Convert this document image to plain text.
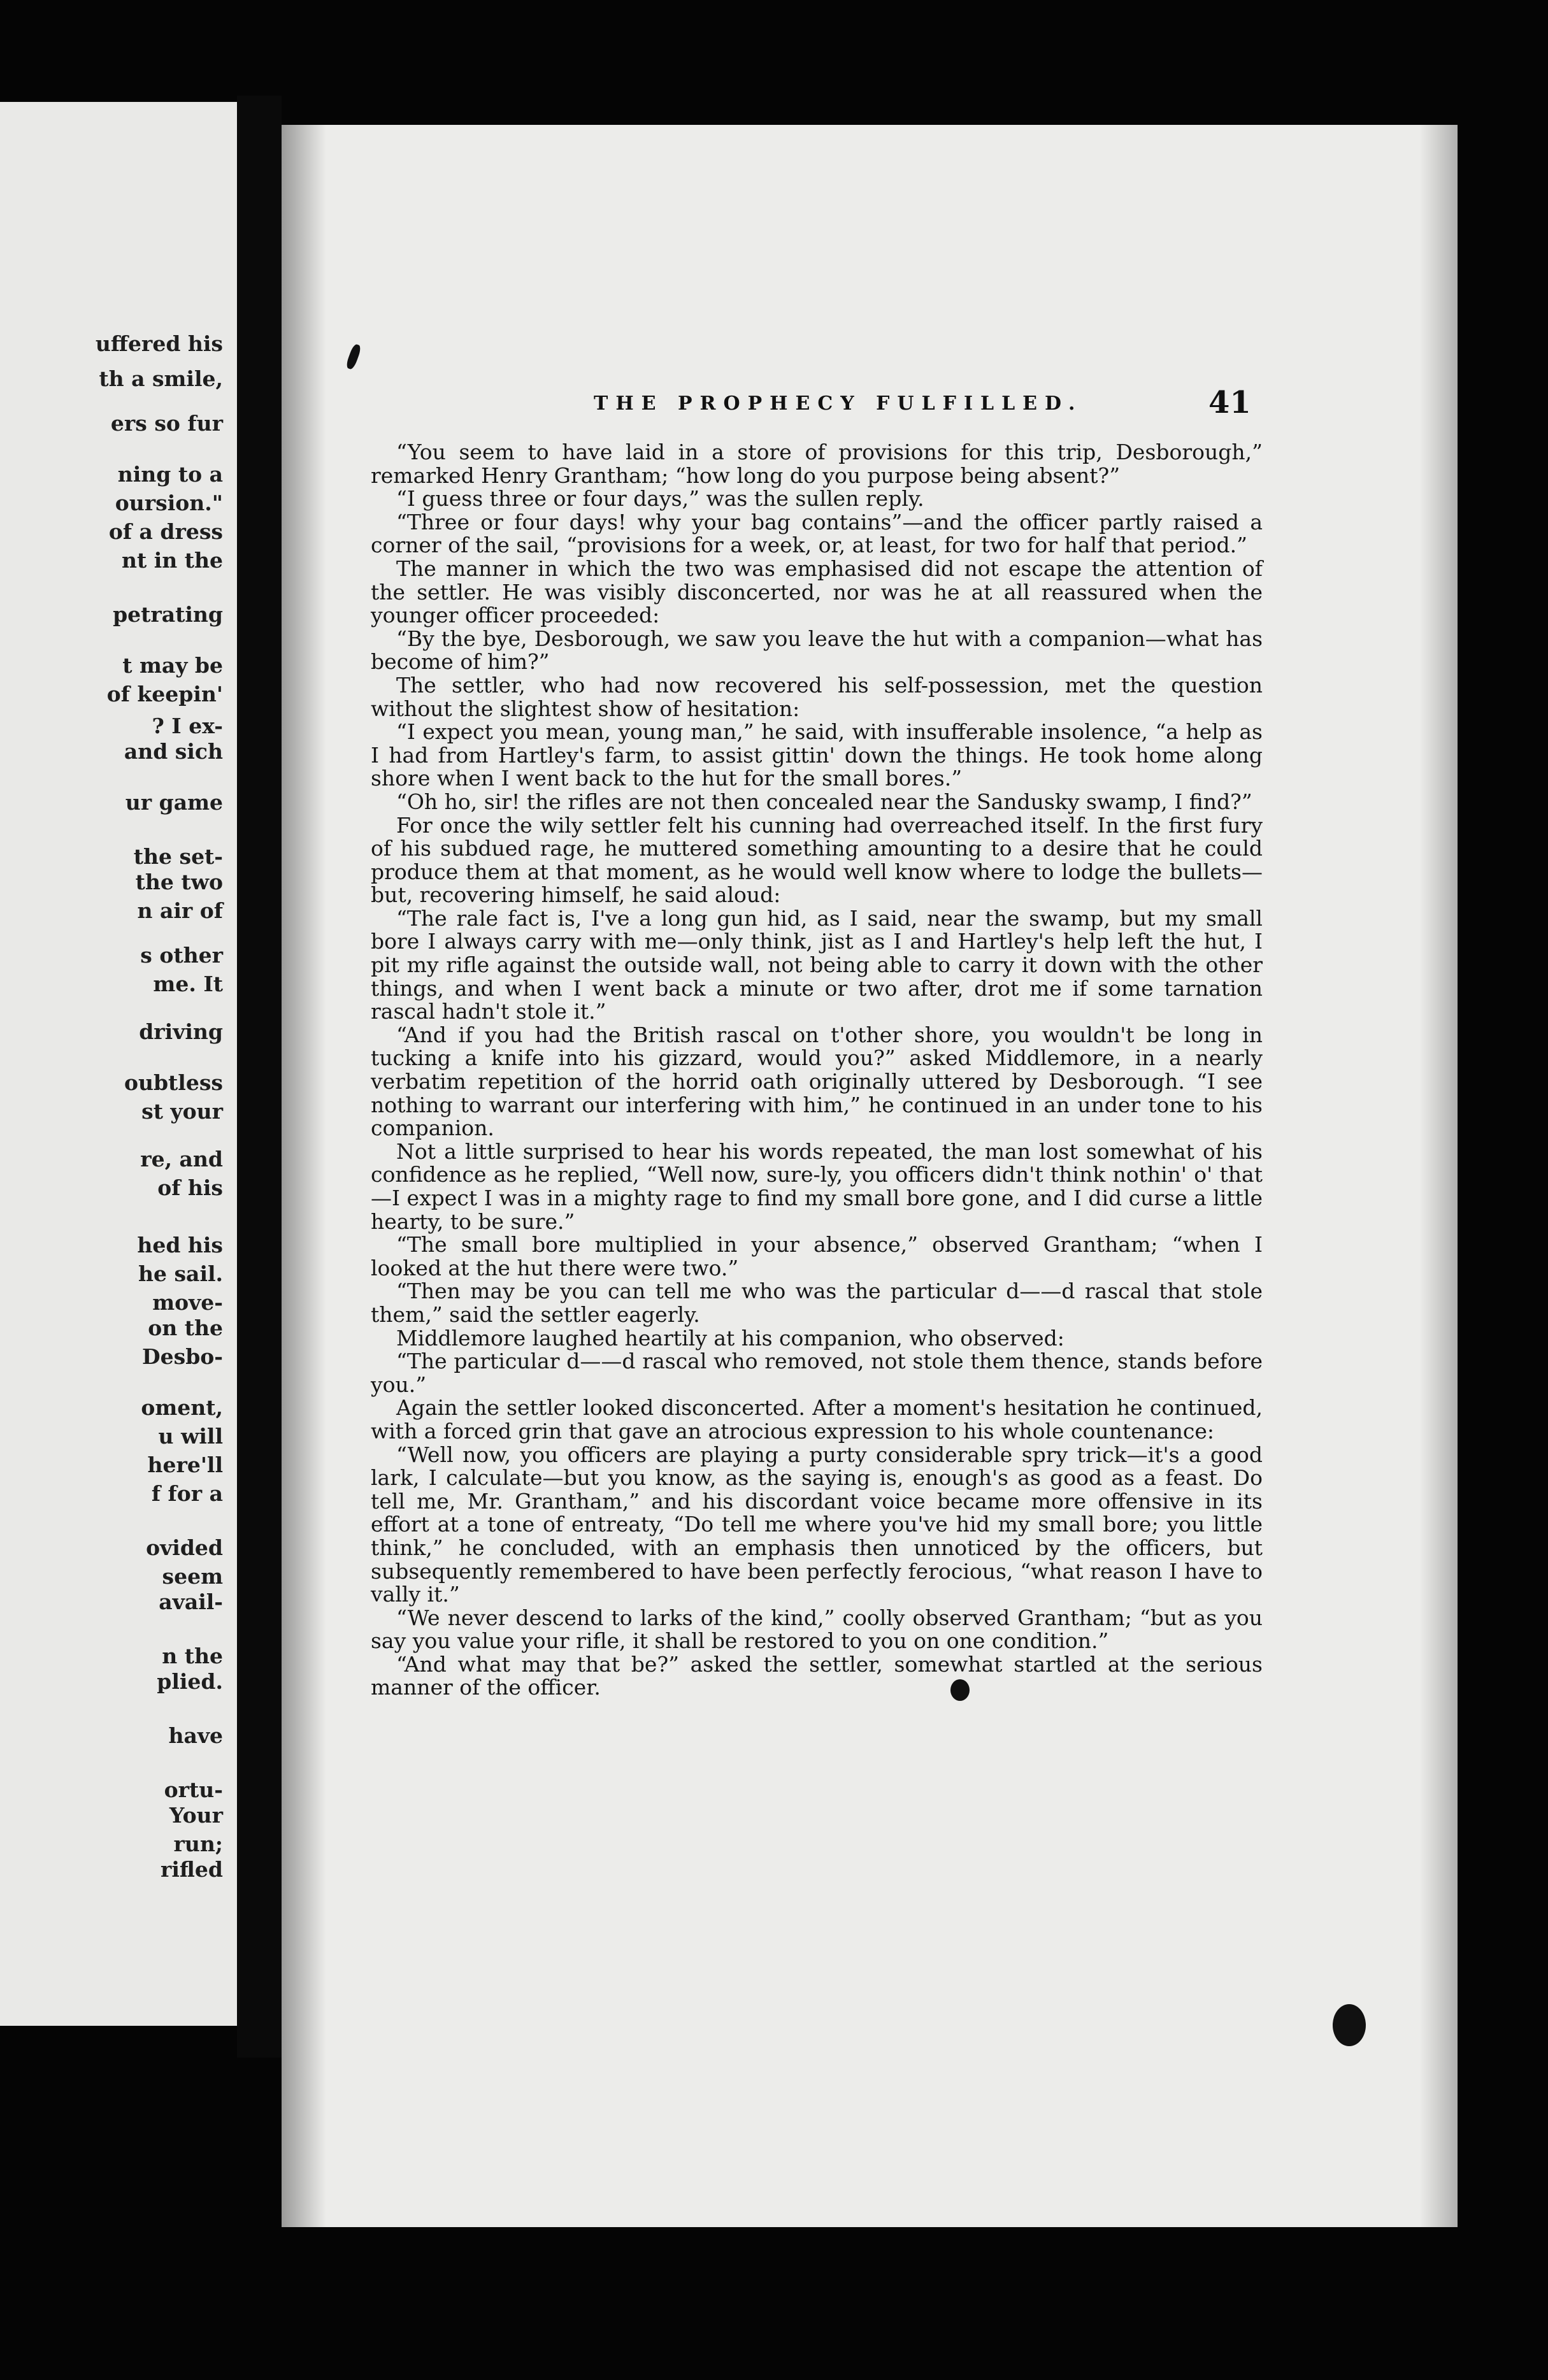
uffered his
th a smile,
ers so fur
ning to a
oursion."
of a dress
nt in the
petrating
t may be
of keepin'
? I ex-
and sich
ur game
the set-
the two
n air of
s other
me. It
driving
oubtless
st your
re, and
of his
hed his
he sail.
move-
on the
Desbo-
oment,
u will
here'll
f for a
ovided
seem
avail-
n the
plied.
have
ortu-
Your
run;
rifled
THE PROPHECY FULFILLED.	41

“You seem to have laid in a store of provisions for this trip, Desborough,” remarked Henry Grantham; “how long do you purpose being absent?”

“I guess three or four days,” was the sullen reply.

“Three or four days! why your bag contains”—and the officer partly raised a corner of the sail, “provisions for a week, or, at least, for two for half that period.”

The manner in which the two was emphasised did not escape the attention of the settler. He was visibly disconcerted, nor was he at all reassured when the younger officer proceeded:

“By the bye, Desborough, we saw you leave the hut with a companion—what has become of him?”

The settler, who had now recovered his self-possession, met the question without the slightest show of hesitation:

“I expect you mean, young man,” he said, with insufferable insolence, “a help as I had from Hartley's farm, to assist gittin' down the things. He took home along shore when I went back to the hut for the small bores.”

“Oh ho, sir! the rifles are not then concealed near the Sandusky swamp, I find?”

For once the wily settler felt his cunning had overreached itself. In the first fury of his subdued rage, he muttered something amounting to a desire that he could produce them at that moment, as he would well know where to lodge the bullets—but, recovering himself, he said aloud:

“The rale fact is, I've a long gun hid, as I said, near the swamp, but my small bore I always carry with me—only think, jist as I and Hartley's help left the hut, I pit my rifle against the outside wall, not being able to carry it down with the other things, and when I went back a minute or two after, drot me if some tarnation rascal hadn't stole it.”

“And if you had the British rascal on t'other shore, you wouldn't be long in tucking a knife into his gizzard, would you?” asked Middlemore, in a nearly verbatim repetition of the horrid oath originally uttered by Desborough. “I see nothing to warrant our interfering with him,” he continued in an under tone to his companion.

Not a little surprised to hear his words repeated, the man lost somewhat of his confidence as he replied, “Well now, sure-ly, you officers didn't think nothin' o' that—I expect I was in a mighty rage to find my small bore gone, and I did curse a little hearty, to be sure.”

“The small bore multiplied in your absence,” observed Grantham; “when I looked at the hut there were two.”

“Then may be you can tell me who was the particular d——d rascal that stole them,” said the settler eagerly.

Middlemore laughed heartily at his companion, who observed:

“The particular d——d rascal who removed, not stole them thence, stands before you.”

Again the settler looked disconcerted. After a moment's hesitation he continued, with a forced grin that gave an atrocious expression to his whole countenance:

“Well now, you officers are playing a purty considerable spry trick—it's a good lark, I calculate—but you know, as the saying is, enough's as good as a feast. Do tell me, Mr. Grantham,” and his discordant voice became more offensive in its effort at a tone of entreaty, “Do tell me where you've hid my small bore; you little think,” he concluded, with an emphasis then unnoticed by the officers, but subsequently remembered to have been perfectly ferocious, “what reason I have to vally it.”

“We never descend to larks of the kind,” coolly observed Grantham; “but as you say you value your rifle, it shall be restored to you on one condition.”

“And what may that be?” asked the settler, somewhat startled at the serious manner of the officer.
